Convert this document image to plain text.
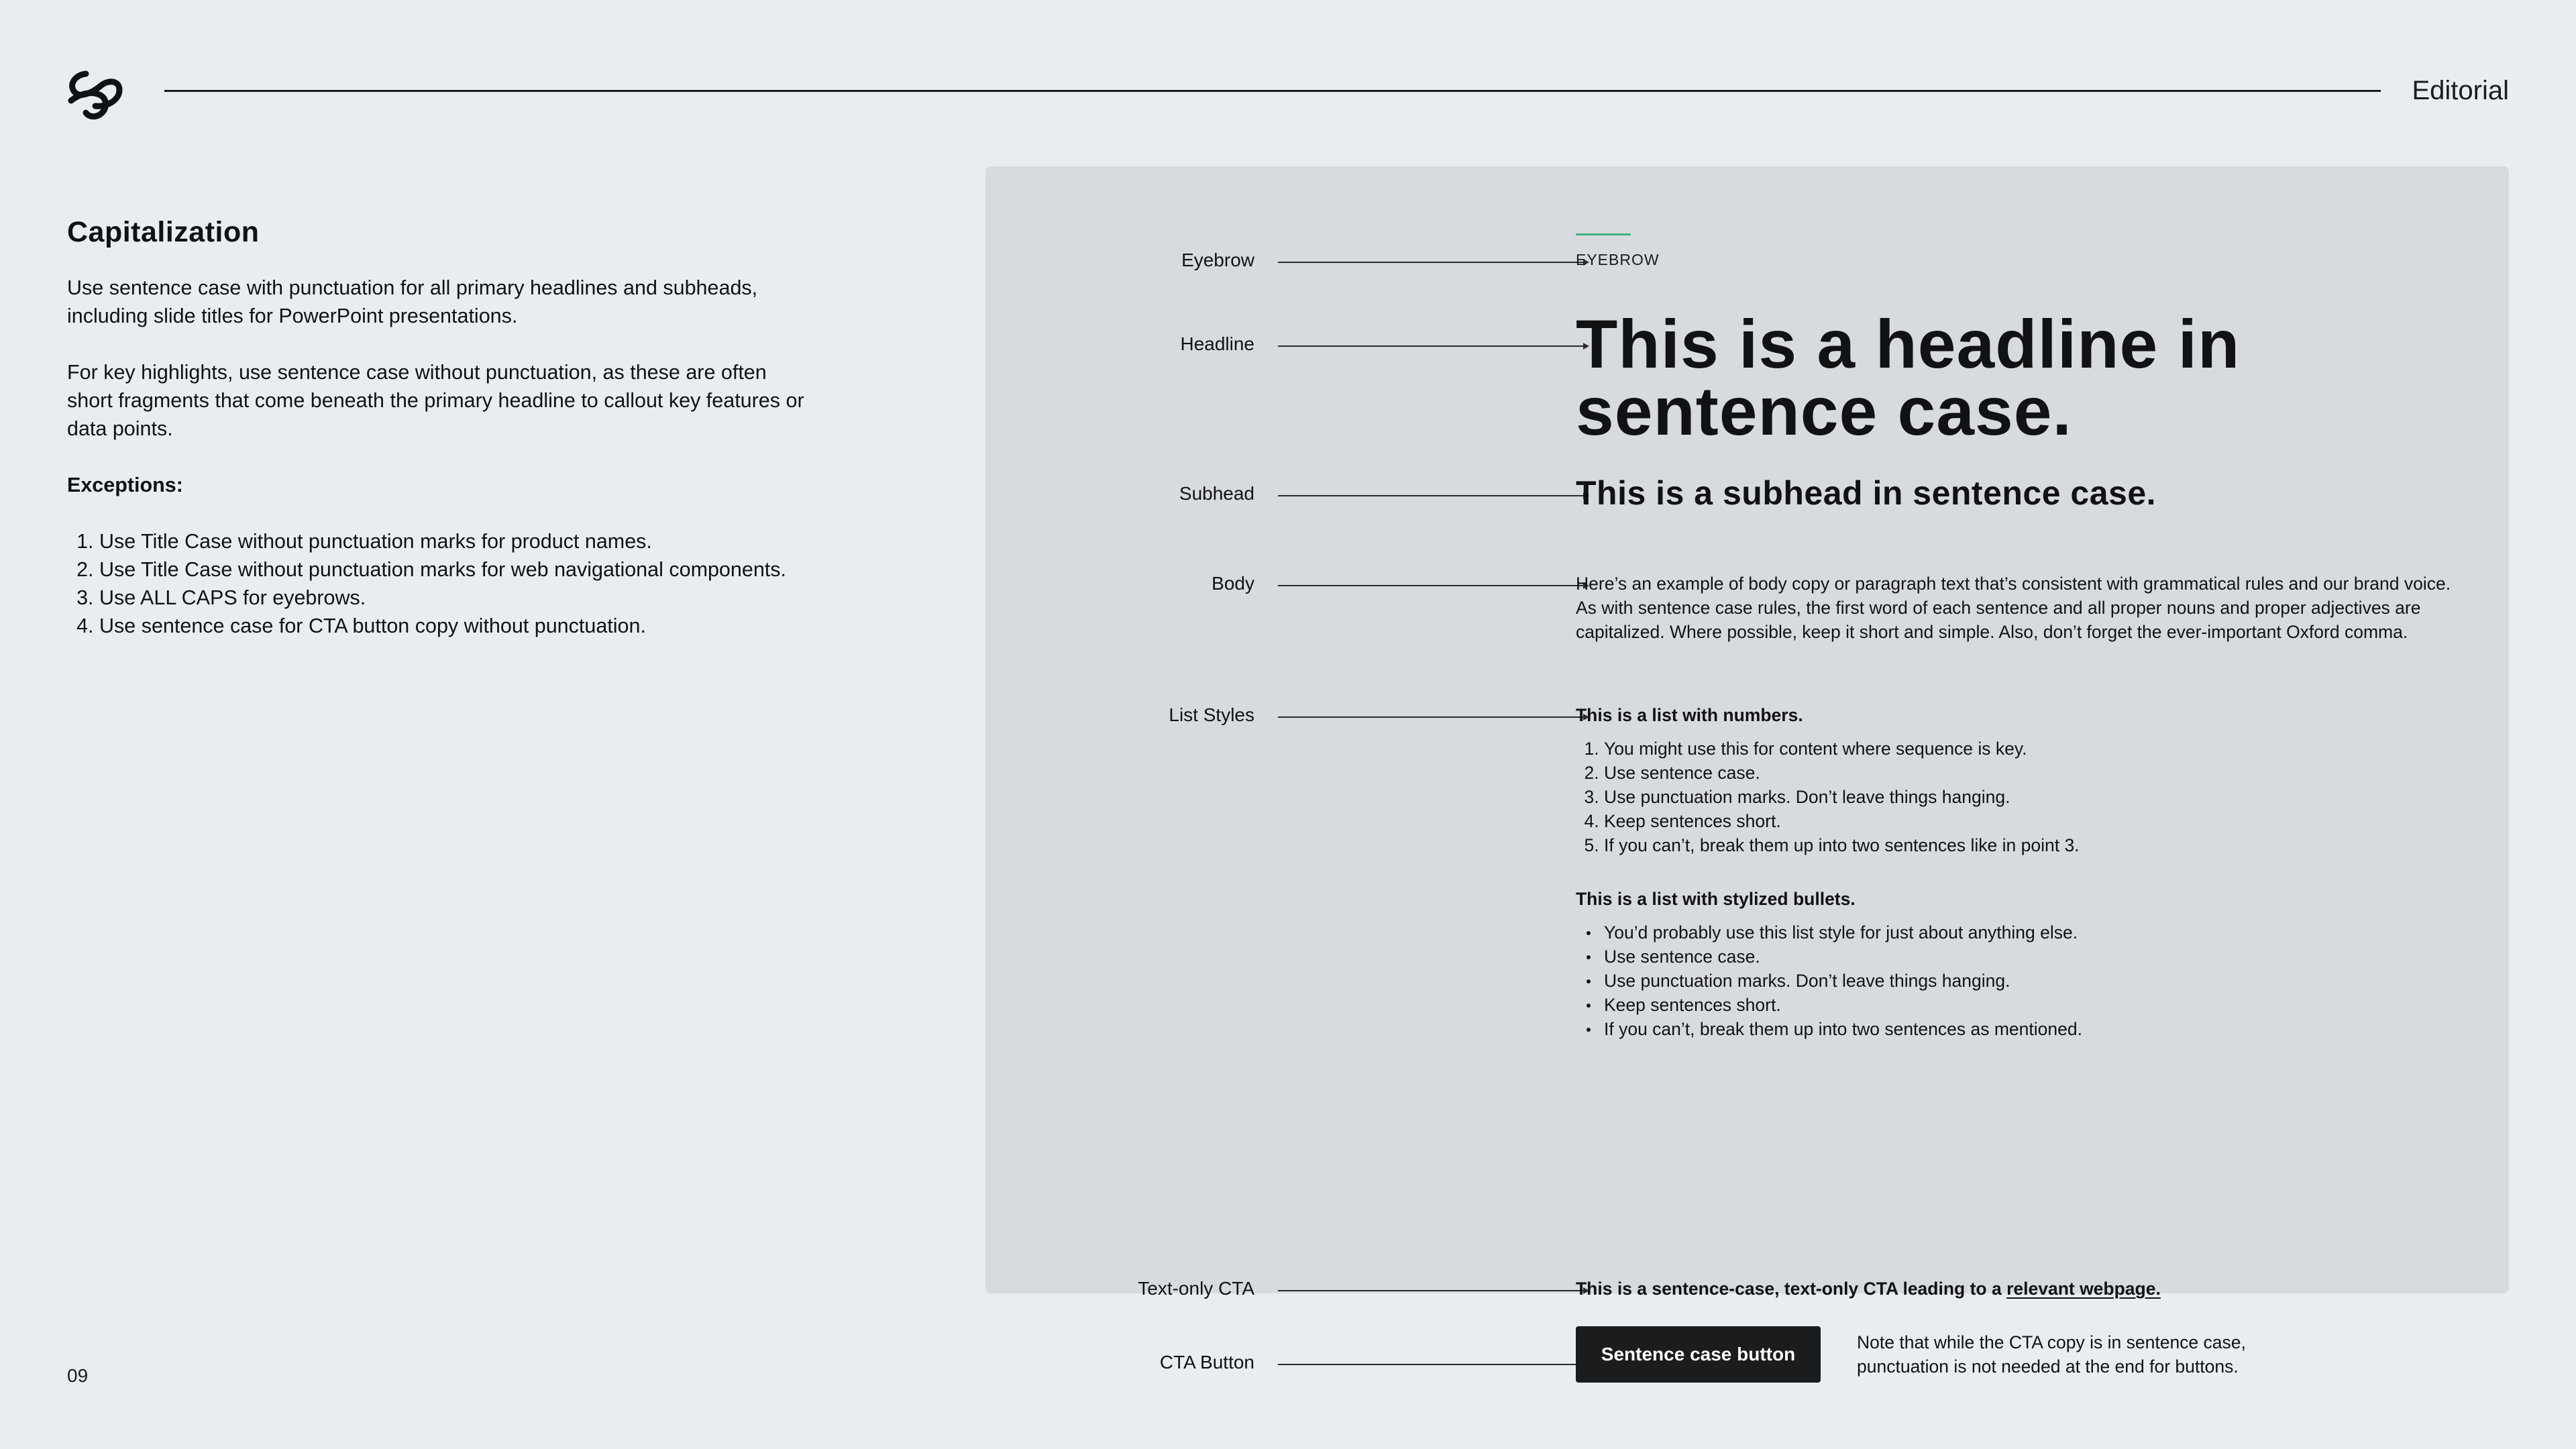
Editorial
Capitalization

Use sentence case with punctuation for all primary headlines and subheads, including slide titles for PowerPoint presentations.

For key highlights, use sentence case without punctuation, as these are often short fragments that come beneath the primary headline to callout key features or data points.

Exceptions:

1. Use Title Case without punctuation marks for product names.
2. Use Title Case without punctuation marks for web navigational components.
3. Use ALL CAPS for eyebrows.
4. Use sentence case for CTA button copy without punctuation.
Eyebrow	EYEBROW
Headline	This is a headline in sentence case.
Subhead	This is a subhead in sentence case.
Body	Here’s an example of body copy or paragraph text that’s consistent with grammatical rules and our brand voice. As with sentence case rules, the first word of each sentence and all proper nouns and proper adjectives are capitalized. Where possible, keep it short and simple. Also, don’t forget the ever-important Oxford comma.

List Styles	This is a list with numbers.

1. You might use this for content where sequence is key.
2. Use sentence case.
3. Use punctuation marks. Don’t leave things hanging.
4. Keep sentences short.
5. If you can’t, break them up into two sentences like in point 3.

This is a list with stylized bullets.

You’d probably use this list style for just about anything else.
Use sentence case.
Use punctuation marks. Don’t leave things hanging.
Keep sentences short.
If you can’t, break them up into two sentences as mentioned.
Text-only CTA	This is a sentence-case, text-only CTA leading to a relevant webpage.
CTA Button	Sentence case button

Note that while the CTA copy is in sentence case, punctuation is not needed at the end for buttons.

09
